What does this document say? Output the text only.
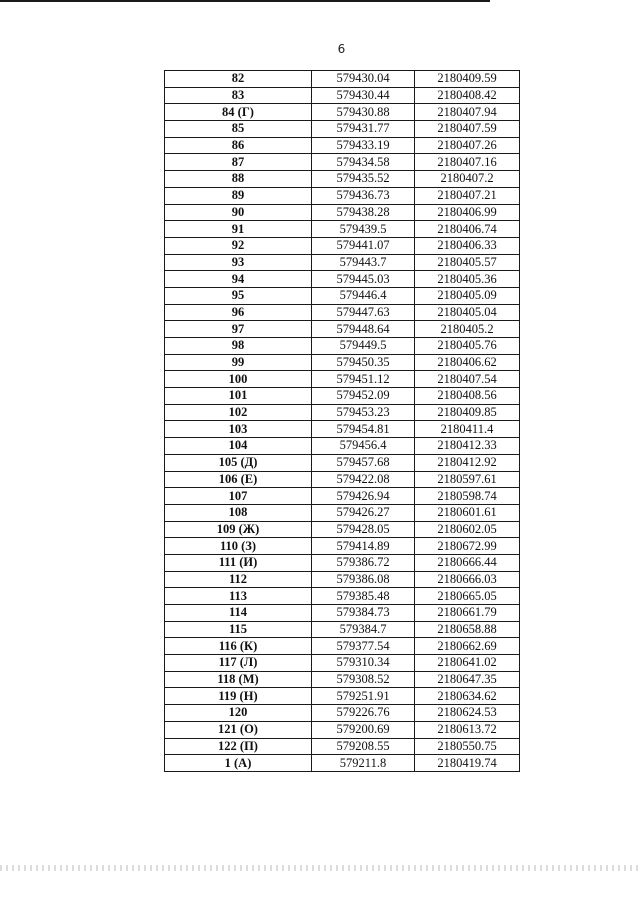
6
82	579430.04	2180409.59
83	579430.44	2180408.42
84 (Г)	579430.88	2180407.94
85	579431.77	2180407.59
86	579433.19	2180407.26
87	579434.58	2180407.16
88	579435.52	2180407.2
89	579436.73	2180407.21
90	579438.28	2180406.99
91	579439.5	2180406.74
92	579441.07	2180406.33
93	579443.7	2180405.57
94	579445.03	2180405.36
95	579446.4	2180405.09
96	579447.63	2180405.04
97	579448.64	2180405.2
98	579449.5	2180405.76
99	579450.35	2180406.62
100	579451.12	2180407.54
101	579452.09	2180408.56
102	579453.23	2180409.85
103	579454.81	2180411.4
104	579456.4	2180412.33
105 (Д)	579457.68	2180412.92
106 (Е)	579422.08	2180597.61
107	579426.94	2180598.74
108	579426.27	2180601.61
109 (Ж)	579428.05	2180602.05
110 (З)	579414.89	2180672.99
111 (И)	579386.72	2180666.44
112	579386.08	2180666.03
113	579385.48	2180665.05
114	579384.73	2180661.79
115	579384.7	2180658.88
116 (К)	579377.54	2180662.69
117 (Л)	579310.34	2180641.02
118 (М)	579308.52	2180647.35
119 (Н)	579251.91	2180634.62
120	579226.76	2180624.53
121 (О)	579200.69	2180613.72
122 (П)	579208.55	2180550.75
1 (А)	579211.8	2180419.74
